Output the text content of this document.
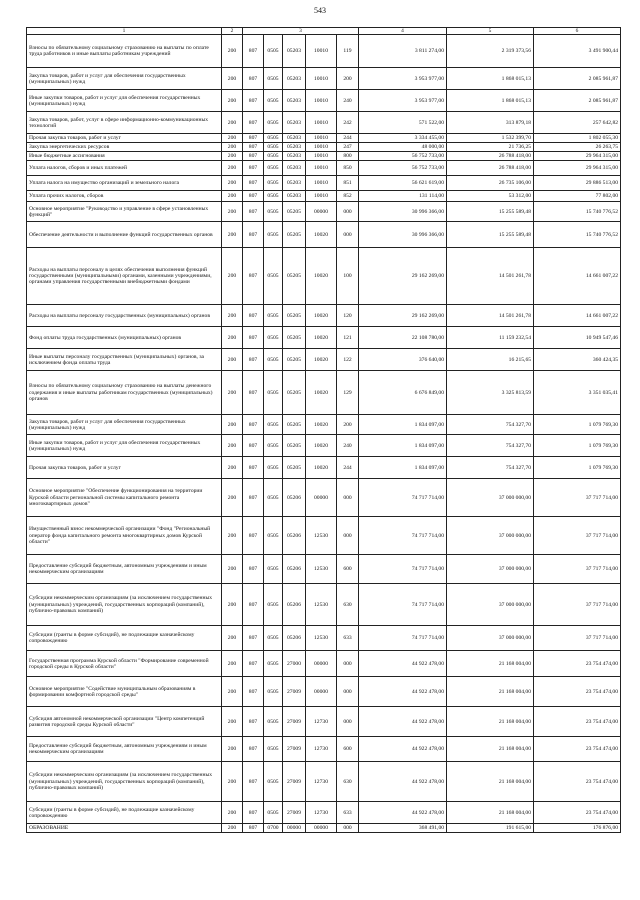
543
1	2	3					4	5	6
Взносы по обязательному социальному страхованию на выплаты по оплате труда работников и иные выплаты работникам учреждений	200	807	0505	05203	10010	119	3 811 274,00	2 319 373,56	3 491 900,44
Закупка товаров, работ и услуг для обеспечения государственных (муниципальных) нужд	200	807	0505	05203	10010	200	3 953 977,00	1 868 015,13	2 085 961,87
Иные закупки товаров, работ и услуг для обеспечения государственных (муниципальных) нужд	200	807	0505	05203	10010	240	3 953 977,00	1 868 015,13	2 085 961,87
Закупка товаров, работ, услуг в сфере информационно-коммуникационных технологий	200	807	0505	05203	10010	242	571 522,00	313 879,18	257 642,82
Прочая закупка товаров, работ и услуг	200	807	0505	05203	10010	244	3 334 455,00	1 532 399,70	1 802 055,30
Закупка энергетических ресурсов	200	807	0505	05203	10010	247	48 000,00	21 736,25	26 263,75
Иные бюджетные ассигнования	200	807	0505	05203	10010	800	56 752 733,00	26 788 418,00	29 964 315,00
Уплата налогов, сборов и иных платежей	200	807	0505	05203	10010	850	56 752 733,00	26 788 418,00	29 964 315,00
Уплата налога на имущество организаций и земельного налога	200	807	0505	05203	10010	851	56 621 619,00	26 735 106,00	29 886 513,00
Уплата прочих налогов, сборов	200	807	0505	05203	10010	852	131 114,00	53 312,00	77 802,00
Основное мероприятие "Руководство и управление в сфере установленных функций"	200	807	0505	05205	00000	000	30 996 366,00	15 255 589,48	15 740 776,52
Обеспечение деятельности и выполнение функций государственных органов	200	807	0505	05205	10020	000	30 996 366,00	15 255 589,48	15 740 776,52
Расходы на выплаты персоналу в целях обеспечения выполнения функций государственными (муниципальными) органами, казенными учреждениями, органами управления государственными внебюджетными фондами	200	807	0505	05205	10020	100	29 162 269,00	14 501 261,78	14 661 007,22
Расходы на выплаты персоналу государственных (муниципальных) органов	200	807	0505	05205	10020	120	29 162 269,00	14 501 261,78	14 661 007,22
Фонд оплаты труда государственных (муниципальных) органов	200	807	0505	05205	10020	121	22 108 780,00	11 159 232,54	10 949 547,46
Иные выплаты персоналу государственных (муниципальных) органов, за исключением фонда оплаты труда	200	807	0505	05205	10020	122	376 640,00	16 215,65	360 424,35
Взносы по обязательному социальному страхованию на выплаты денежного содержания и иные выплаты работникам государственных (муниципальных) органов	200	807	0505	05205	10020	129	6 676 849,00	3 325 813,59	3 351 035,41
Закупка товаров, работ и услуг для обеспечения государственных (муниципальных) нужд	200	807	0505	05205	10020	200	1 834 097,00	754 327,70	1 079 769,30
Иные закупки товаров, работ и услуг для обеспечения государственных (муниципальных) нужд	200	807	0505	05205	10020	240	1 834 097,00	754 327,70	1 079 769,30
Прочая закупка товаров, работ и услуг	200	807	0505	05205	10020	244	1 834 097,00	754 327,70	1 079 769,30
Основное мероприятие "Обеспечение функционирования на территории Курской области региональной системы капитального ремонта многоквартирных домов"	200	807	0505	05206	00000	000	74 717 714,00	37 000 000,00	37 717 714,00
Имущественный взнос некоммерческой организации "Фонд "Региональный оператор фонда капитального ремонта многоквартирных домов Курской области"	200	807	0505	05206	12530	000	74 717 714,00	37 000 000,00	37 717 714,00
Предоставление субсидий бюджетным, автономным учреждениям и иным некоммерческим организациям	200	807	0505	05206	12530	600	74 717 714,00	37 000 000,00	37 717 714,00
Субсидии некоммерческим организациям (за исключением государственных (муниципальных) учреждений, государственных корпораций (компаний), публично-правовых компаний)	200	807	0505	05206	12530	630	74 717 714,00	37 000 000,00	37 717 714,00
Субсидии (гранты в форме субсидий), не подлежащие казначейскому сопровождению	200	807	0505	05206	12530	633	74 717 714,00	37 000 000,00	37 717 714,00
Государственная программа Курской области "Формирование современной городской среды в Курской области"	200	807	0505	27000	00000	000	44 922 478,00	21 168 004,00	23 754 474,00
Основное мероприятие "Содействие муниципальным образованиям в формировании комфортной городской среды"	200	807	0505	27009	00000	000	44 922 478,00	21 168 004,00	23 754 474,00
Субсидия автономной некоммерческой организации "Центр компетенций развития городской среды Курской области"	200	807	0505	27009	12730	000	44 922 478,00	21 168 004,00	23 754 474,00
Предоставление субсидий бюджетным, автономным учреждениям и иным некоммерческим организациям	200	807	0505	27009	12730	600	44 922 478,00	21 168 004,00	23 754 474,00
Субсидии некоммерческим организациям (за исключением государственных (муниципальных) учреждений, государственных корпораций (компаний), публично-правовых компаний)	200	807	0505	27009	12730	630	44 922 478,00	21 168 004,00	23 754 474,00
Субсидии (гранты в форме субсидий), не подлежащие казначейскому сопровождению	200	807	0505	27009	12730	633	44 922 478,00	21 168 004,00	23 754 474,00
ОБРАЗОВАНИЕ	200	807	0700	00000	00000	000	368 491,00	191 615,00	176 876,00
